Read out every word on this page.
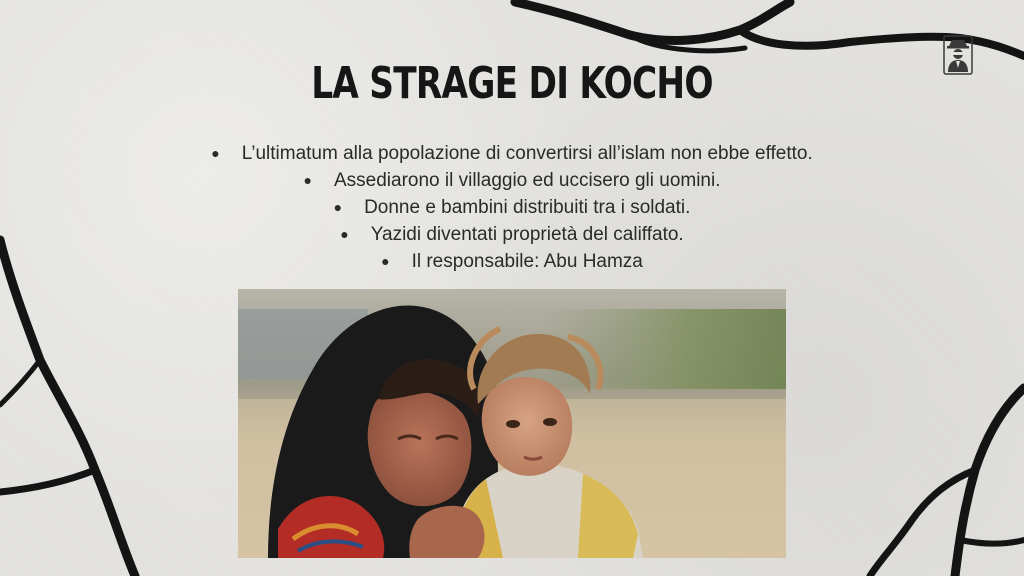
LA STRAGE DI KOCHO
● L’ultimatum alla popolazione di convertirsi all’islam non ebbe effetto.
● Assediarono il villaggio ed uccisero gli uomini.
● Donne e bambini distribuiti tra i soldati.
● Yazidi diventati proprietà del califfato.
● Il responsabile: Abu Hamza
